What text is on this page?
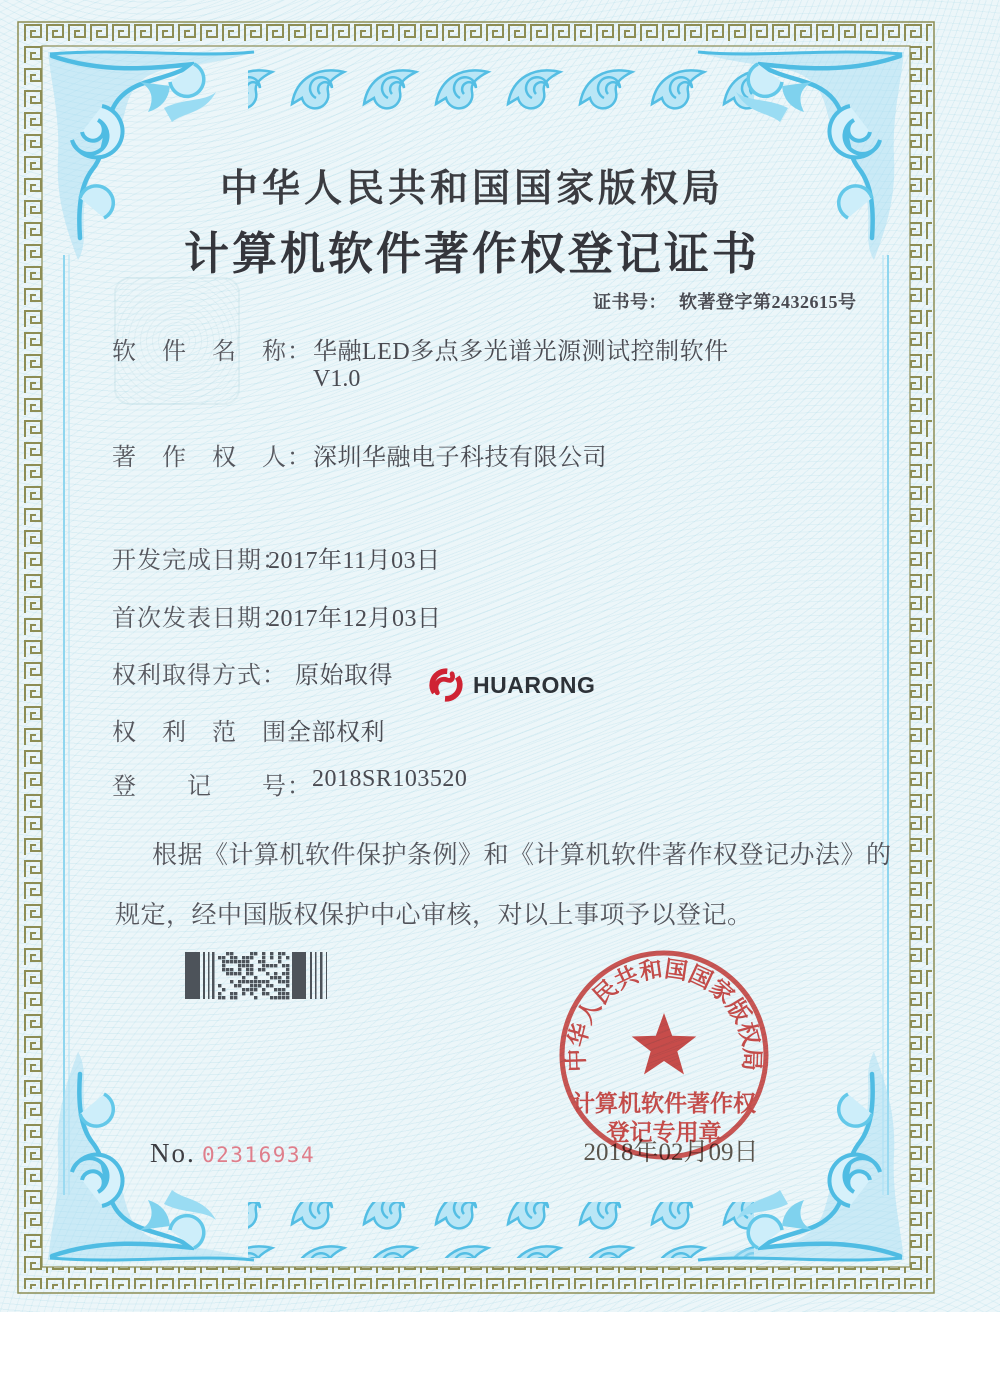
中华人民共和国国家版权局
计算机软件著作权登记证书
证书号： 软著登字第2432615号
软　件　名　称： 华融LED多点多光谱光源测试控制软件
V1.0
著　作　权　人： 深圳华融电子科技有限公司
开发完成日期：
2017年11月03日
首次发表日期：
2017年12月03日
权利取得方式： 原始取得
权　利　范　围：
全部权利
登　　记　　号： 2018SR103520
HUARONG
根据《计算机软件保护条例》和《计算机软件著作权登记办法》的
规定，经中国版权保护中心审核，对以上事项予以登记。
2018年02月09日
中华人民共和国国家版权局
计算机软件著作权
登记专用章
No. 02316934
